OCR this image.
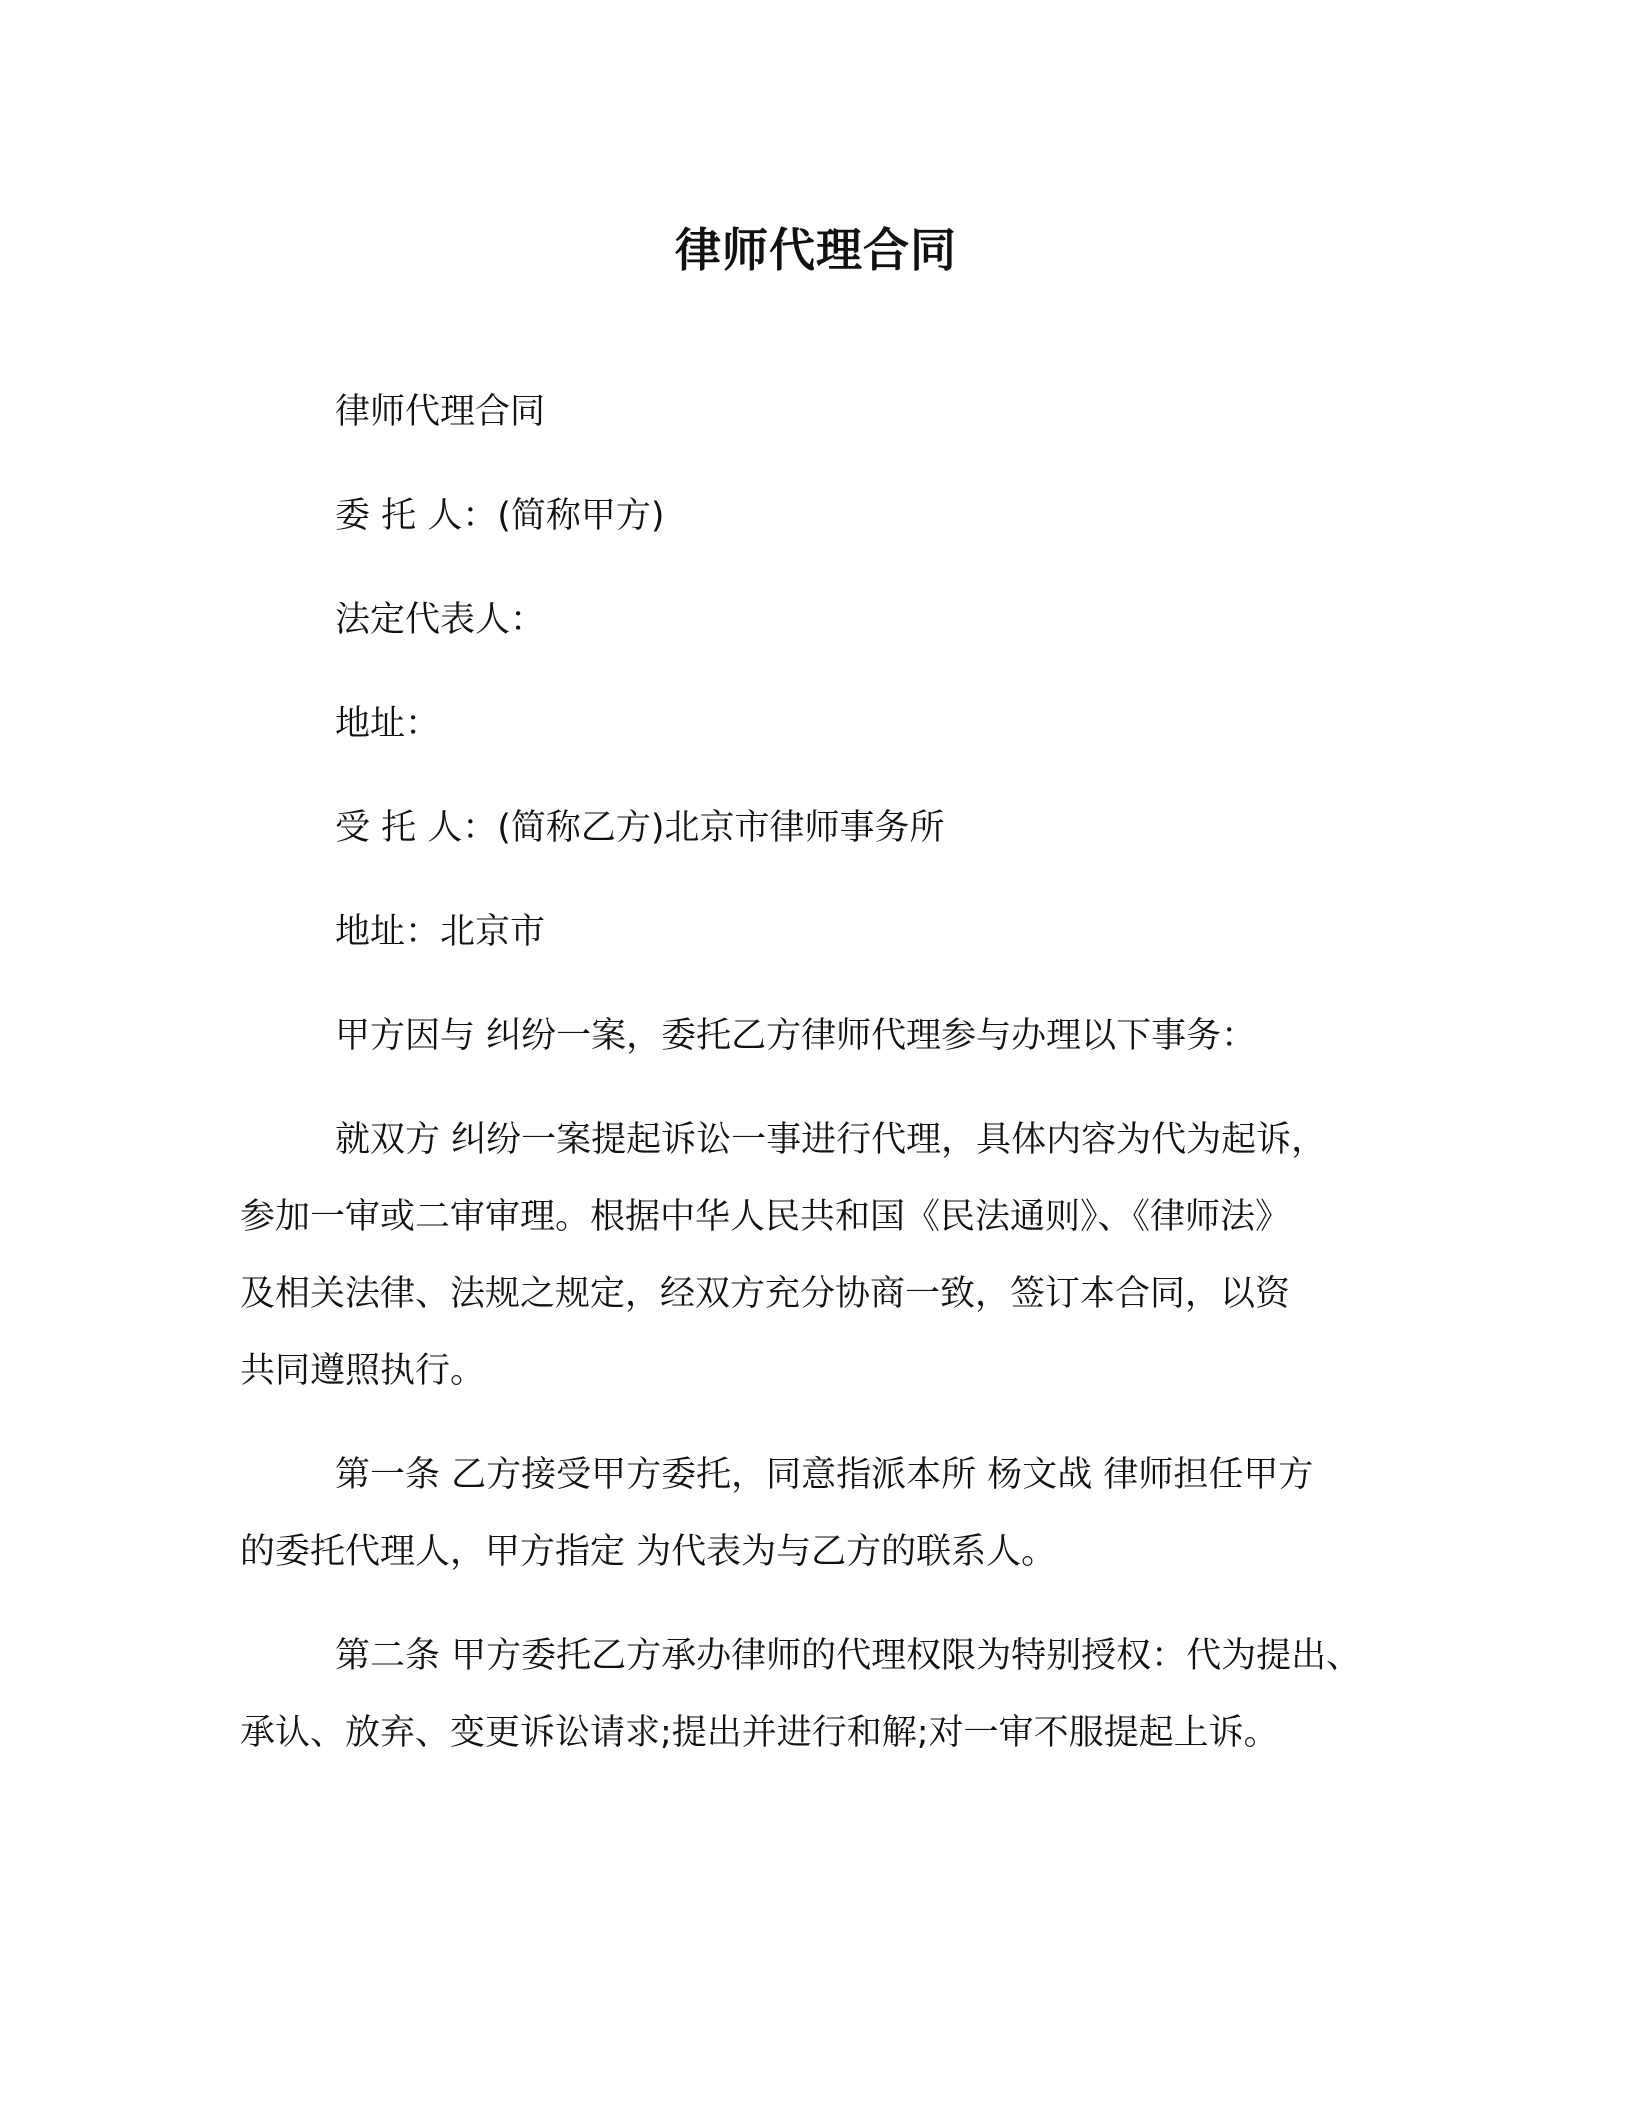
律师代理合同

律师代理合同

委 托 人：(简称甲方)

法定代表人：

地址：

受 托 人：(简称乙方)北京市律师事务所

地址：北京市

甲方因与 纠纷一案，委托乙方律师代理参与办理以下事务：

就双方 纠纷一案提起诉讼一事进行代理，具体内容为代为起诉，

参加一审或二审审理。根据中华人民共和国《民法通则》、《律师法》

及相关法律、法规之规定，经双方充分协商一致，签订本合同，以资

共同遵照执行。

第一条 乙方接受甲方委托，同意指派本所 杨文战 律师担任甲方

的委托代理人，甲方指定 为代表为与乙方的联系人。

第二条 甲方委托乙方承办律师的代理权限为特别授权：代为提出、

承认、放弃、变更诉讼请求;提出并进行和解;对一审不服提起上诉。
